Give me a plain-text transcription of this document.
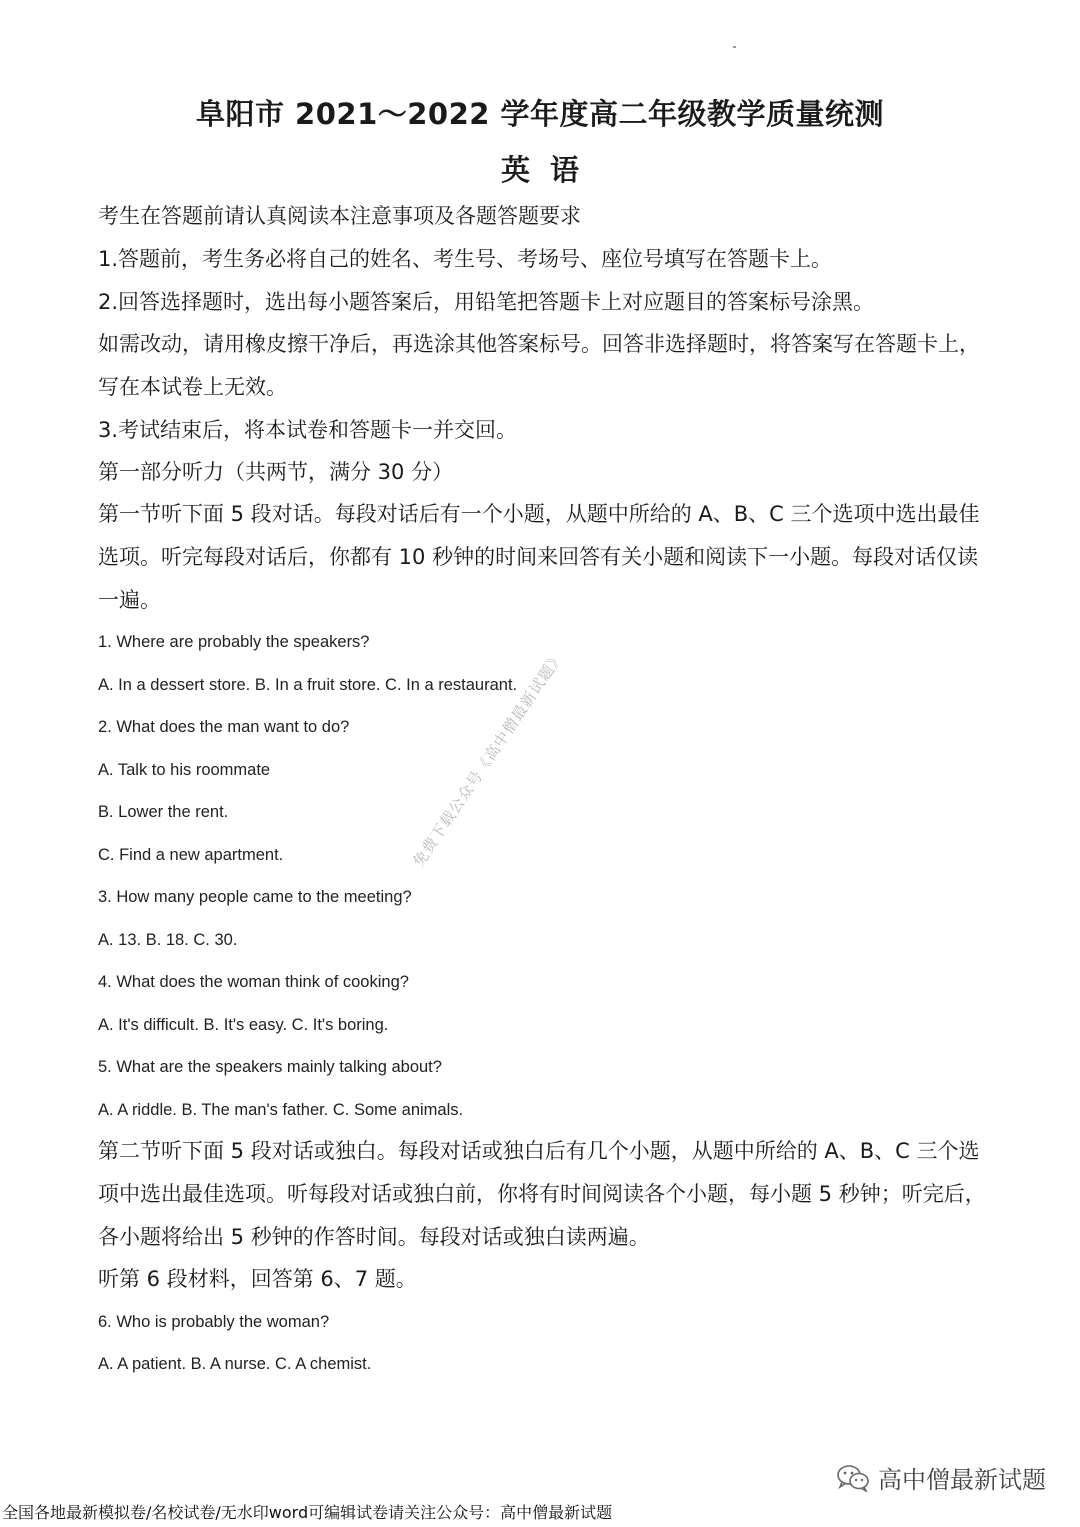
阜阳市 2021～2022 学年度高二年级教学质量统测
英语
考生在答题前请认真阅读本注意事项及各题答题要求
1.答题前，考生务必将自己的姓名、考生号、考场号、座位号填写在答题卡上。
2.回答选择题时，选出每小题答案后，用铅笔把答题卡上对应题目的答案标号涂黑。
如需改动，请用橡皮擦干净后，再选涂其他答案标号。回答非选择题时，将答案写在答题卡上，写在本试卷上无效。
3.考试结束后，将本试卷和答题卡一并交回。
第一部分听力（共两节，满分 30 分）
第一节听下面 5 段对话。每段对话后有一个小题，从题中所给的 A、B、C 三个选项中选出最佳选项。听完每段对话后，你都有 10 秒钟的时间来回答有关小题和阅读下一小题。每段对话仅读一遍。
1. Where are probably the speakers?
A. In a dessert store. B. In a fruit store. C. In a restaurant.
2. What does the man want to do?
A. Talk to his roommate
B. Lower the rent.
C. Find a new apartment.
3. How many people came to the meeting?
A. 13. B. 18. C. 30.
4. What does the woman think of cooking?
A. It's difficult. B. It's easy. C. It's boring.
5. What are the speakers mainly talking about?
A. A riddle. B. The man's father. C. Some animals.
第二节听下面 5 段对话或独白。每段对话或独白后有几个小题，从题中所给的 A、B、C 三个选项中选出最佳选项。听每段对话或独白前，你将有时间阅读各个小题，每小题 5 秒钟；听完后，各小题将给出 5 秒钟的作答时间。每段对话或独白读两遍。
听第 6 段材料，回答第 6、7 题。
6. Who is probably the woman?
A. A patient. B. A nurse. C. A chemist.
免费下载公众号《高中僧最新试题》
高中僧最新试题
全国各地最新模拟卷/名校试卷/无水印word可编辑试卷请关注公众号：高中僧最新试题
